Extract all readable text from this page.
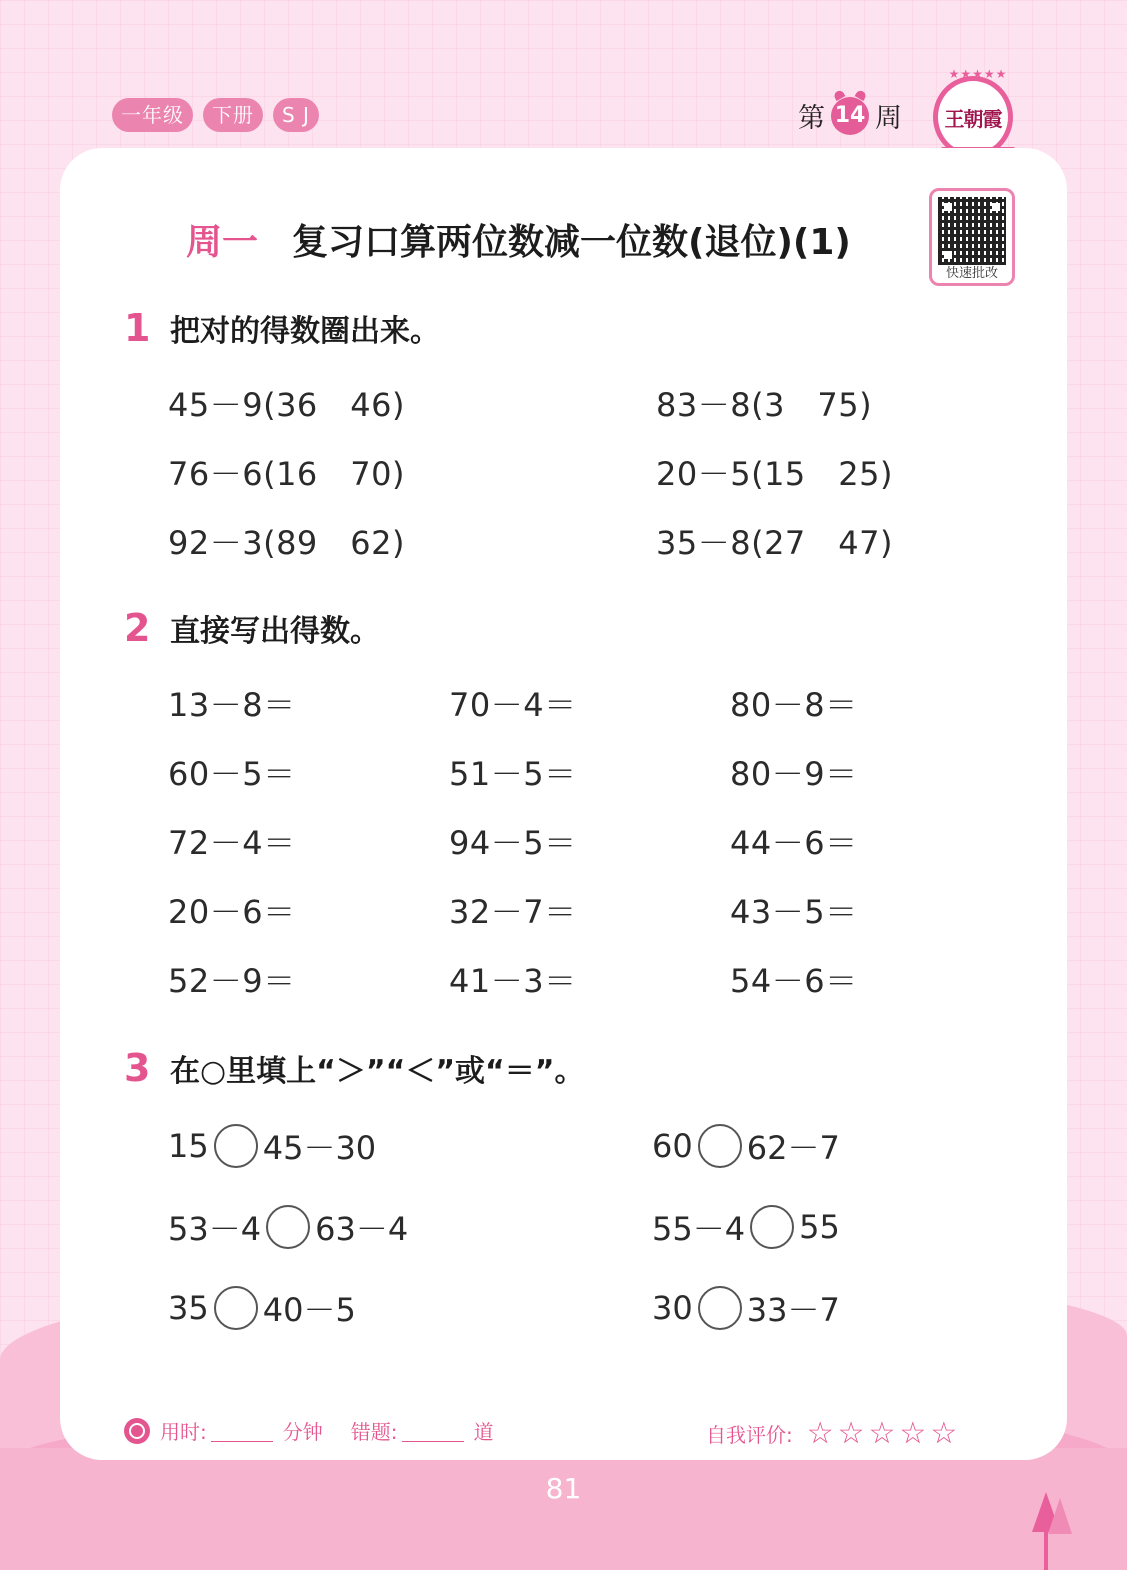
一年级	下册	S J	第 14 周
★★★★★
王朝霞
周一 复习口算两位数减一位数(退位)(1)
快速批改
1 把对的得数圈出来。
45－9(36　46)	83－8(3　75)
76－6(16　70)	20－5(15　25)
92－3(89　62)	35－8(27　47)
2 直接写出得数。
13－8＝	70－4＝	80－8＝
60－5＝	51－5＝	80－9＝
72－4＝	94－5＝	44－6＝
20－6＝	32－7＝	43－5＝
52－9＝	41－3＝	54－6＝
3 在○里填上“＞”“＜”或“＝”。
15 45－30	60 62－7
53－4 63－4	55－4 55
35 40－5	30 33－7
用时:	分钟 错题:	道	自我评价: ☆☆☆☆☆
81
